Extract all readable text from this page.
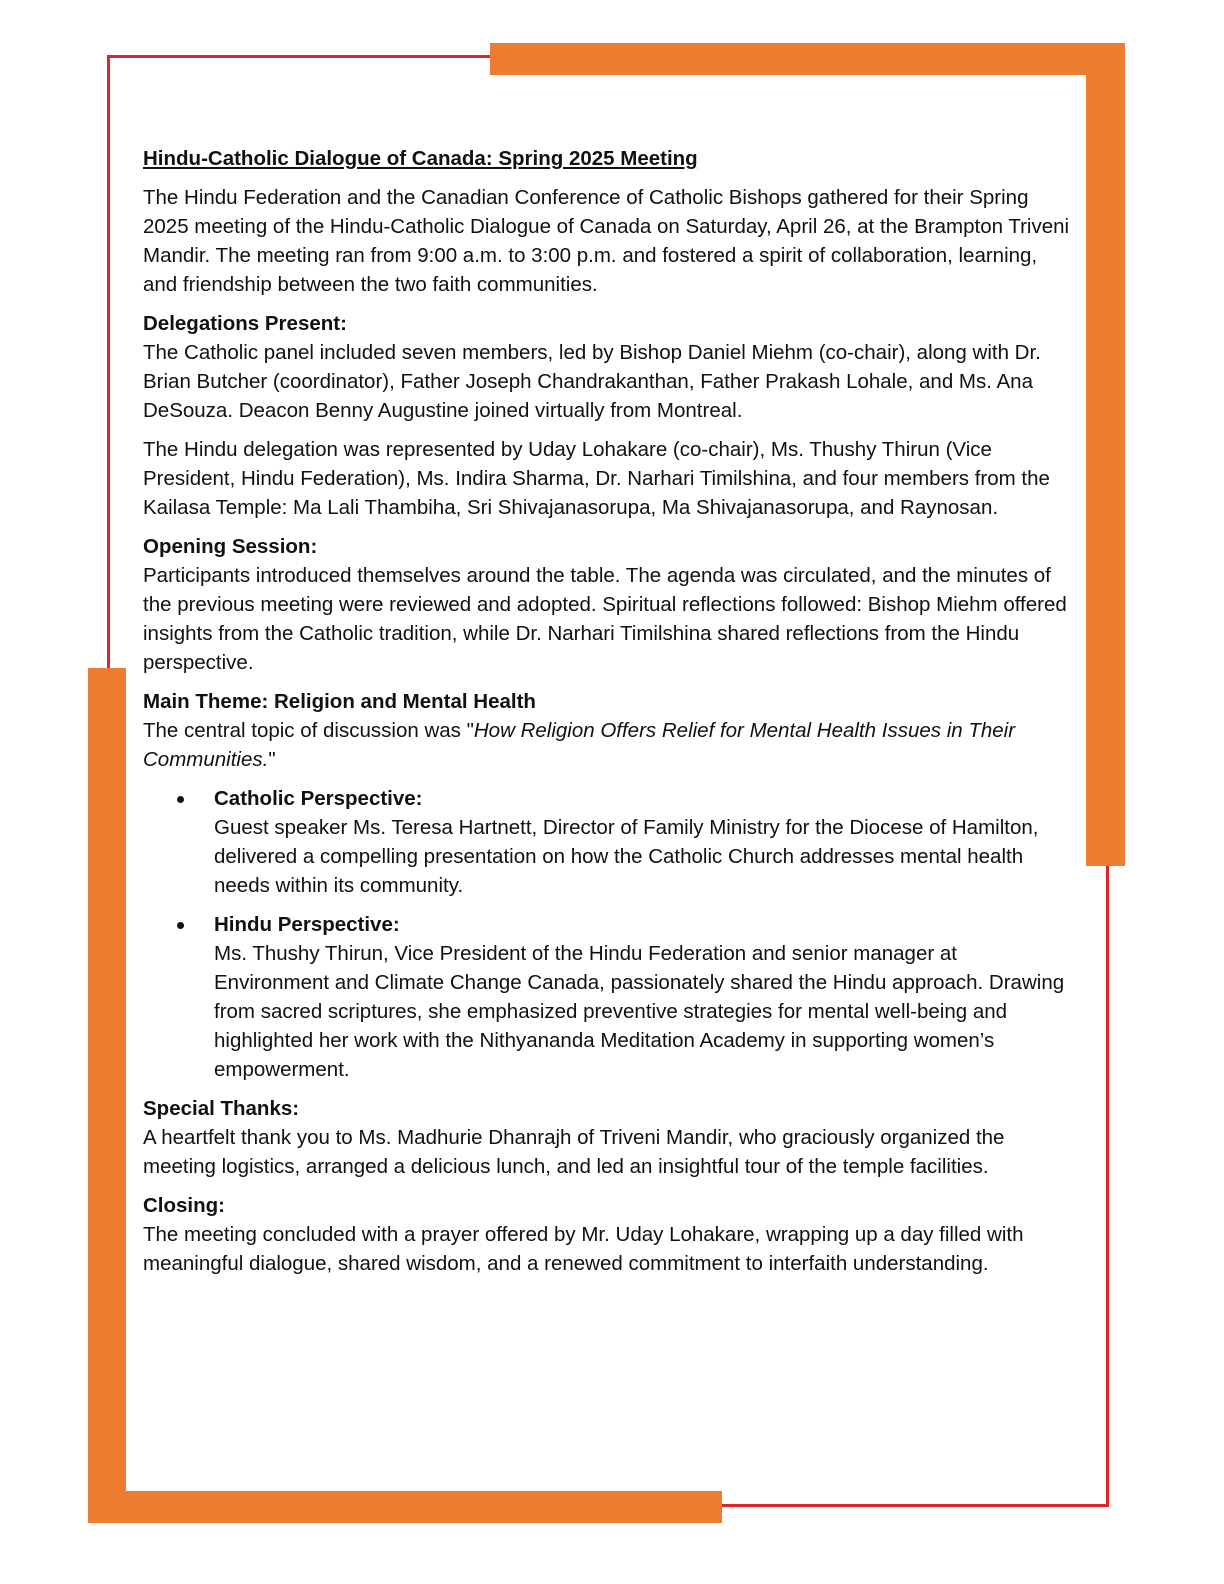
Hindu-Catholic Dialogue of Canada: Spring 2025 Meeting

The Hindu Federation and the Canadian Conference of Catholic Bishops gathered for their Spring 2025 meeting of the Hindu-Catholic Dialogue of Canada on Saturday, April 26, at the Brampton Triveni Mandir. The meeting ran from 9:00 a.m. to 3:00 p.m. and fostered a spirit of collaboration, learning, and friendship between the two faith communities.

Delegations Present:

The Catholic panel included seven members, led by Bishop Daniel Miehm (co-chair), along with Dr. Brian Butcher (coordinator), Father Joseph Chandrakanthan, Father Prakash Lohale, and Ms. Ana DeSouza. Deacon Benny Augustine joined virtually from Montreal.

The Hindu delegation was represented by Uday Lohakare (co-chair), Ms. Thushy Thirun (Vice President, Hindu Federation), Ms. Indira Sharma, Dr. Narhari Timilshina, and four members from the Kailasa Temple: Ma Lali Thambiha, Sri Shivajanasorupa, Ma Shivajanasorupa, and Raynosan.

Opening Session:

Participants introduced themselves around the table. The agenda was circulated, and the minutes of the previous meeting were reviewed and adopted. Spiritual reflections followed: Bishop Miehm offered insights from the Catholic tradition, while Dr. Narhari Timilshina shared reflections from the Hindu perspective.

Main Theme: Religion and Mental Health

The central topic of discussion was "How Religion Offers Relief for Mental Health Issues in Their Communities."

Catholic Perspective:

Guest speaker Ms. Teresa Hartnett, Director of Family Ministry for the Diocese of Hamilton, delivered a compelling presentation on how the Catholic Church addresses mental health needs within its community.

Hindu Perspective:

Ms. Thushy Thirun, Vice President of the Hindu Federation and senior manager at Environment and Climate Change Canada, passionately shared the Hindu approach. Drawing from sacred scriptures, she emphasized preventive strategies for mental well-being and highlighted her work with the Nithyananda Meditation Academy in supporting women’s empowerment.

Special Thanks:

A heartfelt thank you to Ms. Madhurie Dhanrajh of Triveni Mandir, who graciously organized the meeting logistics, arranged a delicious lunch, and led an insightful tour of the temple facilities.

Closing:

The meeting concluded with a prayer offered by Mr. Uday Lohakare, wrapping up a day filled with meaningful dialogue, shared wisdom, and a renewed commitment to interfaith understanding.
